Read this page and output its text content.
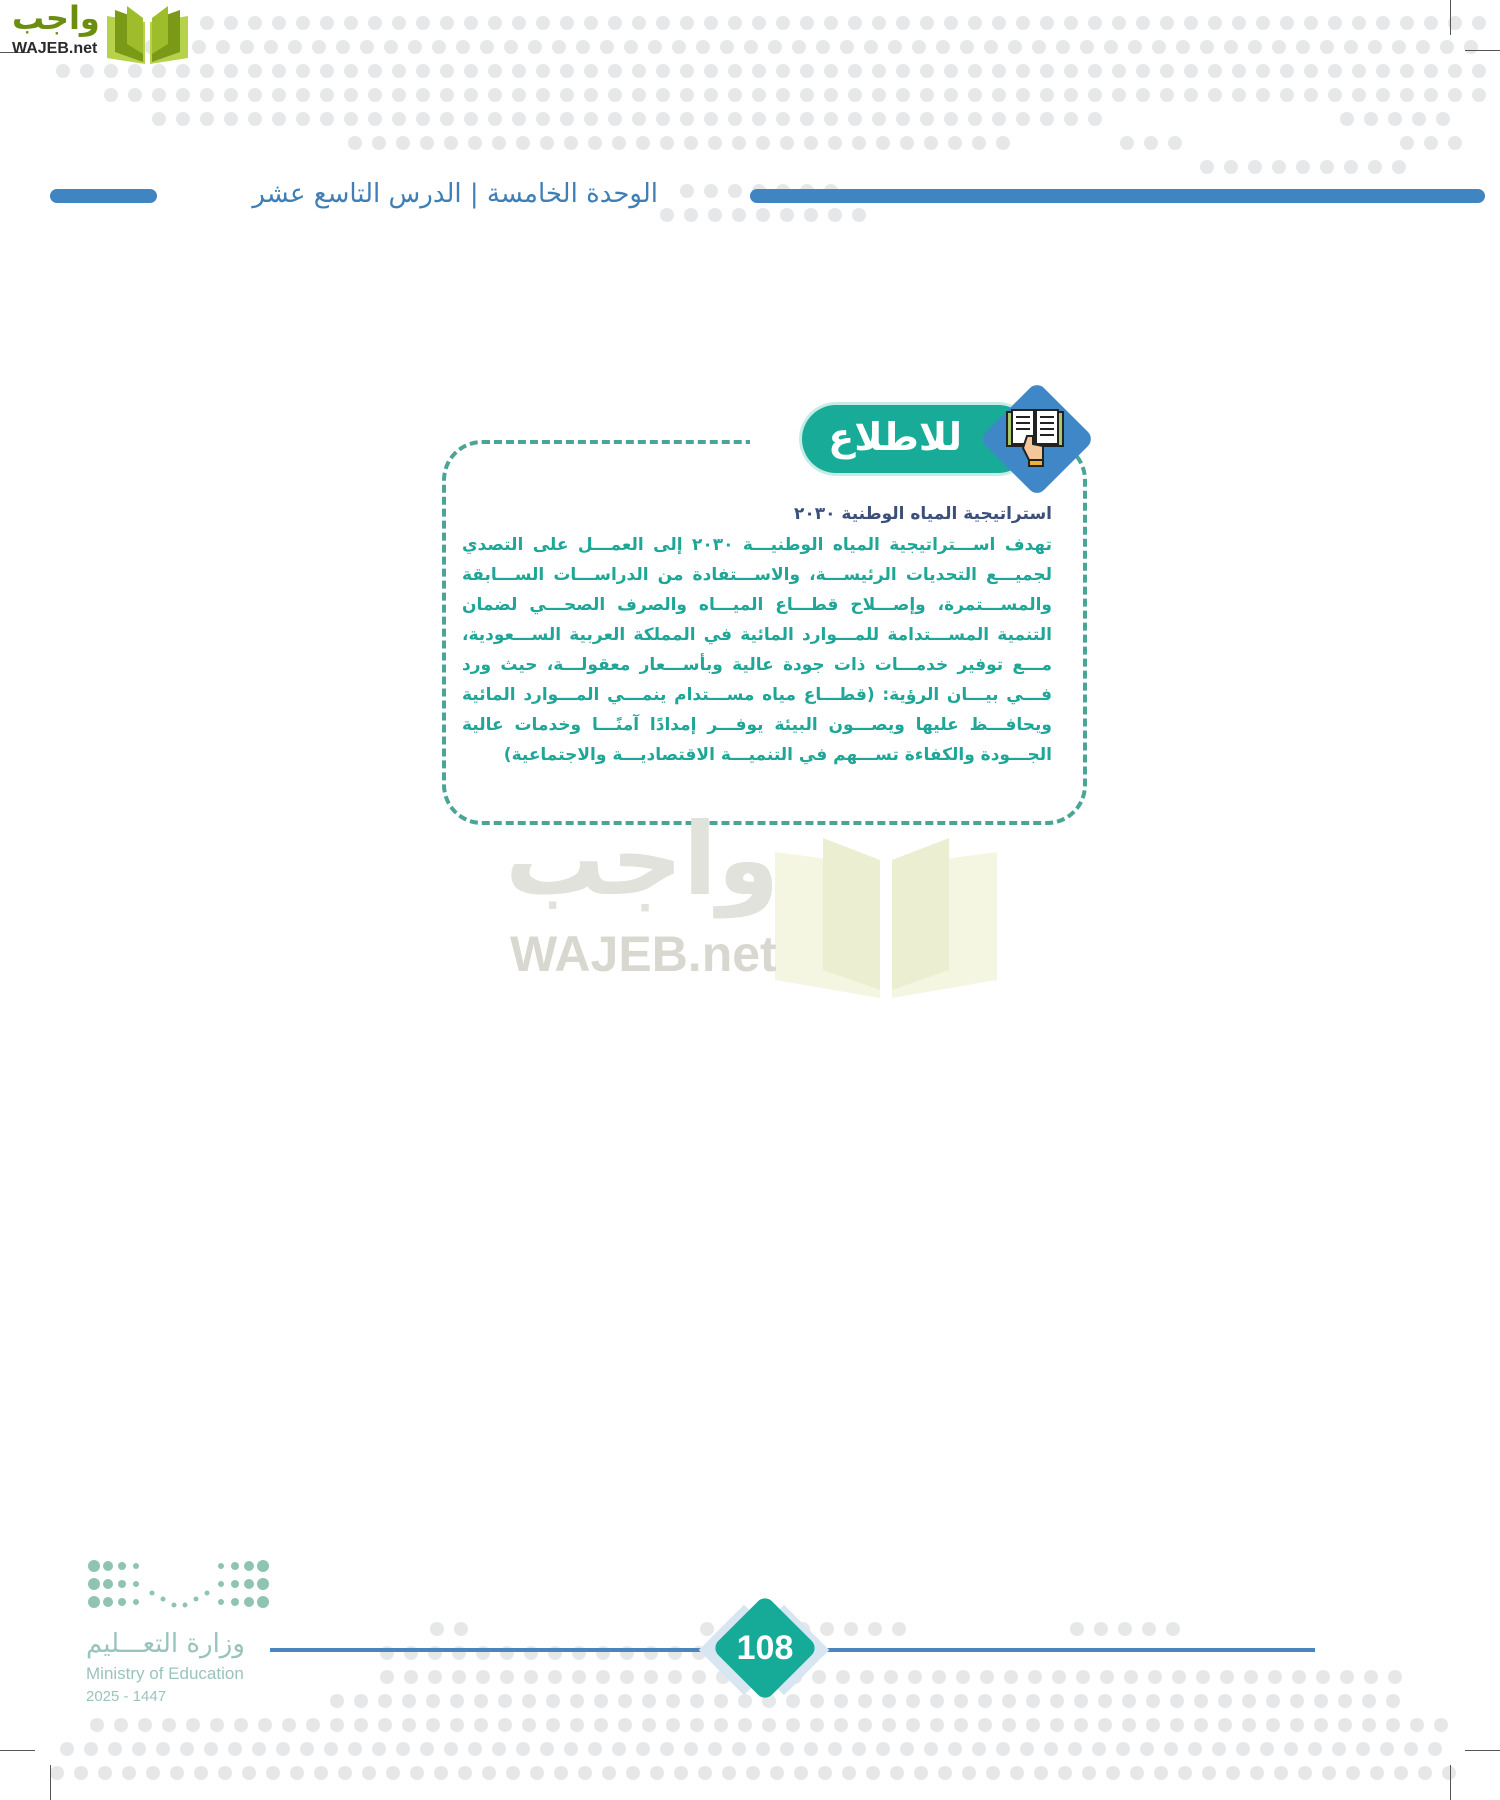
واجب
WAJEB.net
الوحدة الخامسة | الدرس التاسع عشر
للاطلاع
استراتيجية المياه الوطنية ٢٠٣٠
تهدف اســـتراتيجية المياه الوطنيـــة ٢٠٣٠ إلى العمـــل على التصدي
لجميـــع التحديات الرئيســـة، والاســـتفادة من الدراســـات الســـابقة
والمســـتمرة، وإصـــلاح قطـــاع الميـــاه والصرف الصحـــي لضمان
التنمية المســـتدامة للمـــوارد المائية في المملكة العربية الســـعودية،
مـــع توفير خدمـــات ذات جودة عالية وبأســـعار معقولـــة، حيث ورد
فـــي بيـــان الرؤية: (قطـــاع مياه مســـتدام ينمـــي المـــوارد المائية
ويحافـــظ عليها ويصـــون البيئة يوفـــر إمدادًا آمنًـــا وخدمات عالية
الجـــودة والكفاءة تســـهم في التنميـــة الاقتصاديـــة والاجتماعية)
واجب
WAJEB.net
وزارة التعـــليم
Ministry of Education
2025 - 1447
108
